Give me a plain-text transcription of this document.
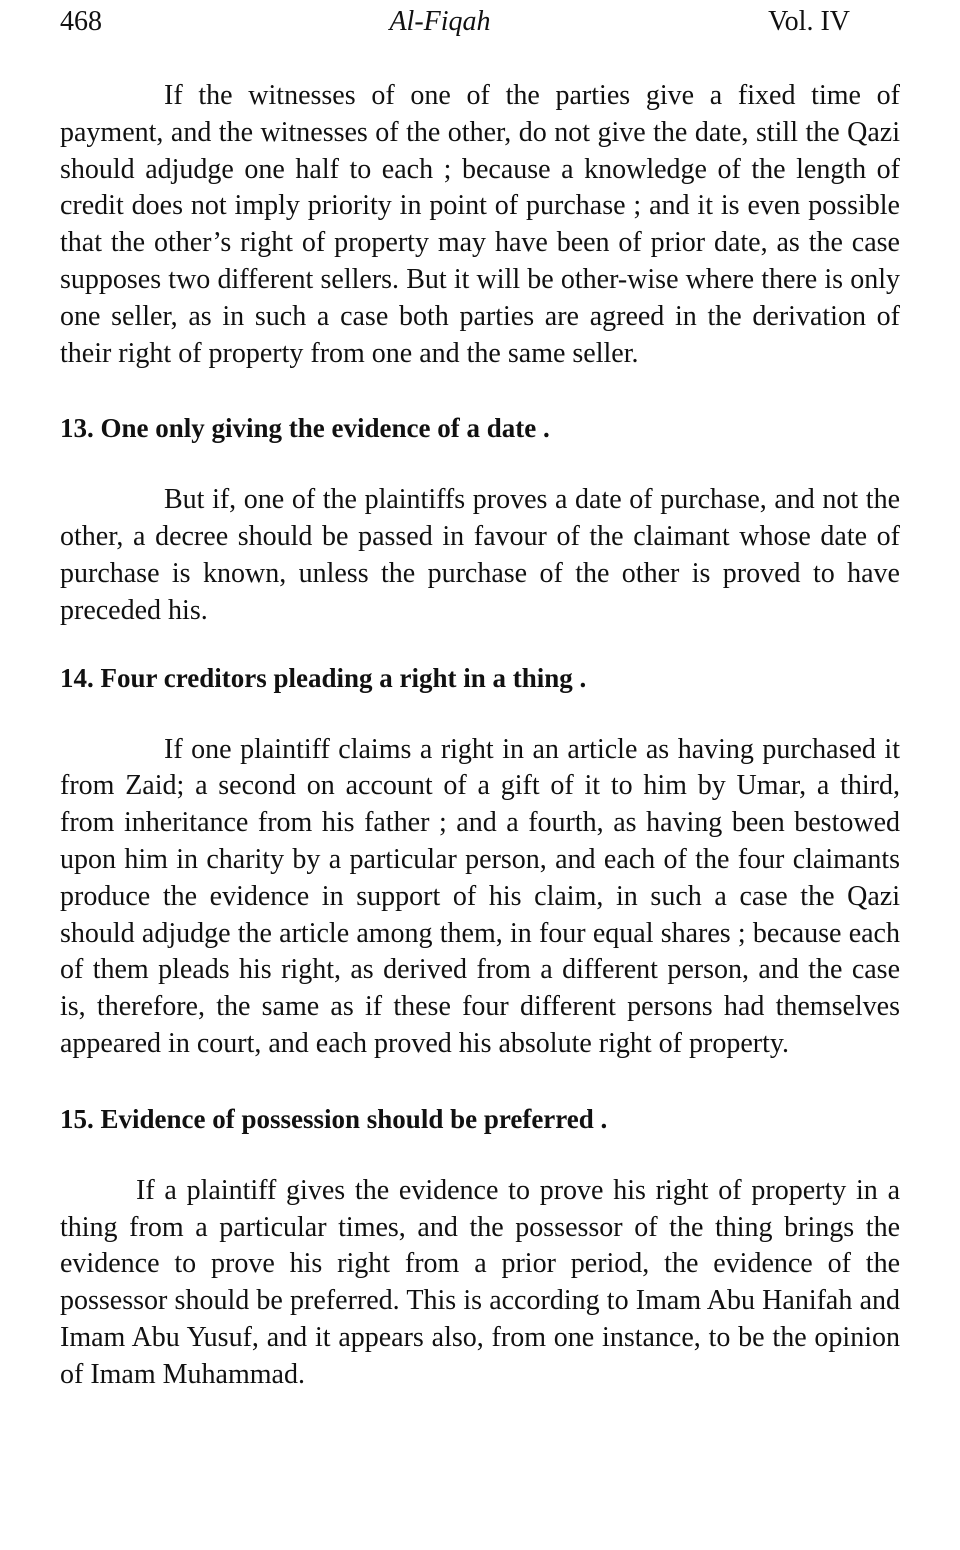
468	Al-Fiqah	Vol. IV

If the witnesses of one of the parties give a fixed time of payment, and the witnesses of the other, do not give the date, still the Qazi should adjudge one half to each ; because a knowledge of the length of credit does not imply priority in point of purchase ; and it is even possible that the other’s right of property may have been of prior date, as the case supposes two different sellers. But it will be other-wise where there is only one seller, as in such a case both parties are agreed in the derivation of their right of property from one and the same seller.

13. One only giving the evidence of a date .

But if, one of the plaintiffs proves a date of purchase, and not the other, a decree should be passed in favour of the claimant whose date of purchase is known, unless the purchase of the other is proved to have preceded his.

14. Four creditors pleading a right in a thing .

If one plaintiff claims a right in an article as having purchased it from Zaid; a second on account of a gift of it to him by Umar, a third, from inheritance from his father ; and a fourth, as having been bestowed upon him in charity by a particular person, and each of the four claimants produce the evidence in support of his claim, in such a case the Qazi should adjudge the article among them, in four equal shares ; because each of them pleads his right, as derived from a different person, and the case is, therefore, the same as if these four different persons had themselves appeared in court, and each proved his absolute right of property.

15. Evidence of possession should be preferred .

If a plaintiff gives the evidence to prove his right of property in a thing from a particular times, and the possessor of the thing brings the evidence to prove his right from a prior period, the evidence of the possessor should be preferred. This is according to Imam Abu Hanifah and Imam Abu Yusuf, and it appears also, from one instance, to be the opinion of Imam Muhammad.
